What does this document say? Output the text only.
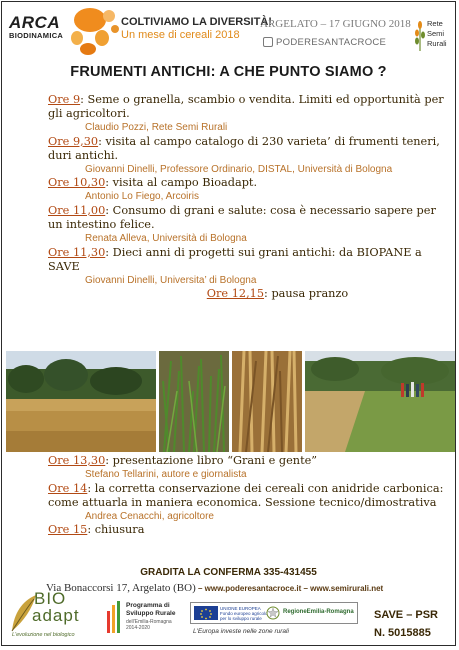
ARCA
BIODINAMICA
COLTIVIAMO LA DIVERSITÀ!
Un mese di cereali 2018
ARGELATO – 17 GIUGNO 2018
PODERESANTACROCE
Rete
Semi
Rurali
FRUMENTI ANTICHI: A CHE PUNTO SIAMO ?
Ore 9: Seme o granella, scambio o vendita. Limiti ed opportunità per gli agricoltori.
Claudio Pozzi, Rete Semi Rurali
Ore 9,30: visita al campo catalogo di 230 varieta’ di frumenti teneri, duri antichi.
Giovanni Dinelli, Professore Ordinario, DISTAL, Università di Bologna
Ore 10,30: visita al campo Bioadapt.
Antonio Lo Fiego, Arcoiris
Ore 11,00: Consumo di grani e salute: cosa è necessario sapere per un intestino felice.
Renata Alleva, Università di Bologna
Ore 11,30: Dieci anni di progetti sui grani antichi: da BIOPANE a SAVE
Giovanni Dinelli, Universita’ di Bologna
Ore 12,15: pausa pranzo
Ore 13,30: presentazione libro “Grani e gente”
Stefano Tellarini, autore e giornalista
Ore 14: la corretta conservazione dei cereali con anidride carbonica: come attuarla in maniera economica. Sessione tecnico/dimostrativa
Andrea Cenacchi, agricoltore
Ore 15: chiusura
GRADITA LA CONFERMA 335-431455
Via Bonaccorsi 17, Argelato (BO) – www.poderesantacroce.it – www.semirurali.net
BIO
adapt
L'evoluzione nel biologico
Programma di
Sviluppo Rurale
dell'Emilia-Romagna
2014-2020
UNIONE EUROPEA
Fondo europeo agricolo
per lo sviluppo rurale
RegioneEmilia-Romagna
L'Europa investe nelle zone rurali
SAVE – PSR
N. 5015885
